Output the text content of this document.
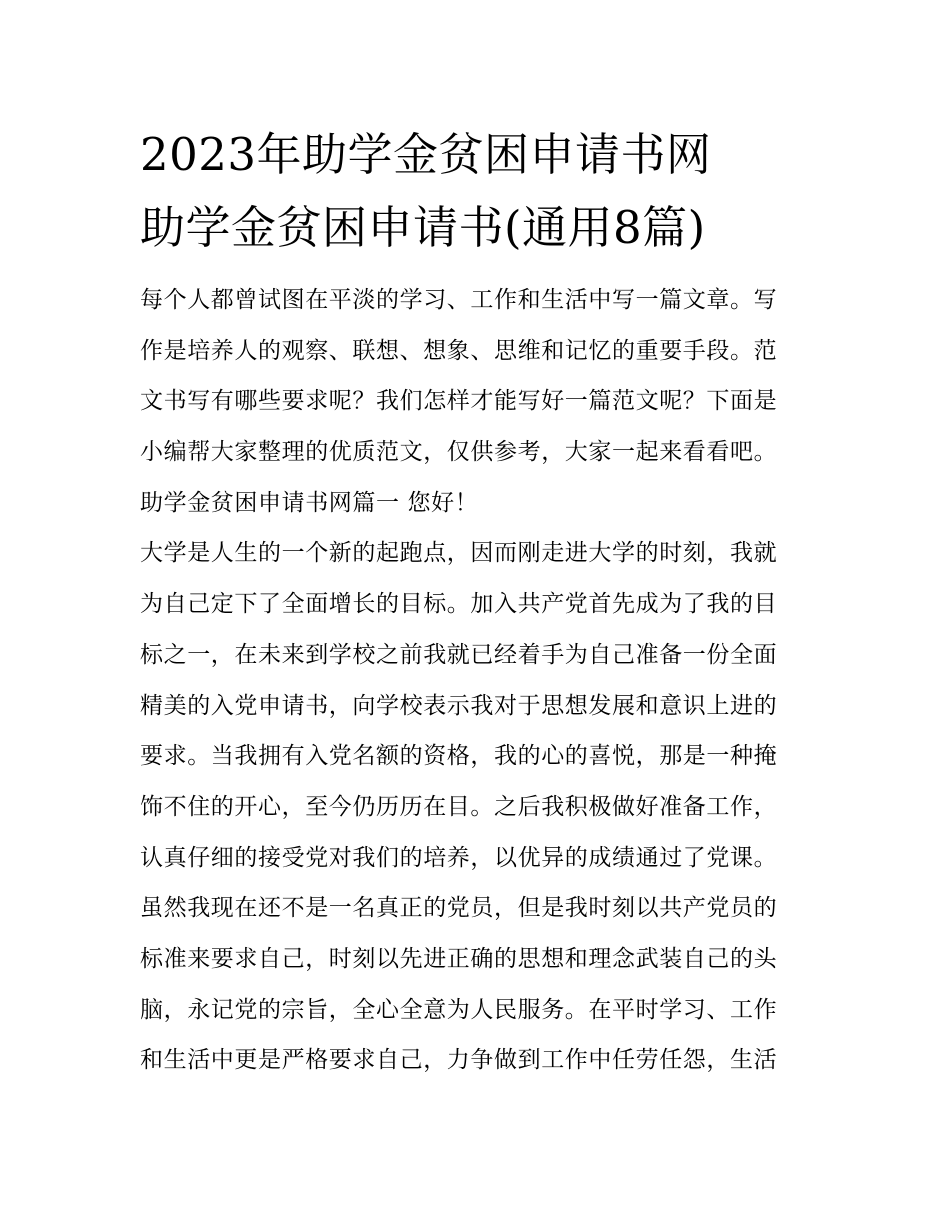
2023年助学金贫困申请书网
助学金贫困申请书(通用8篇)
每个人都曾试图在平淡的学习、工作和生活中写一篇文章。写
作是培养人的观察、联想、想象、思维和记忆的重要手段。范
文书写有哪些要求呢？我们怎样才能写好一篇范文呢？下面是
小编帮大家整理的优质范文，仅供参考，大家一起来看看吧。
助学金贫困申请书网篇一 您好！
大学是人生的一个新的起跑点，因而刚走进大学的时刻，我就
为自己定下了全面增长的目标。加入共产党首先成为了我的目
标之一，在未来到学校之前我就已经着手为自己准备一份全面
精美的入党申请书，向学校表示我对于思想发展和意识上进的
要求。当我拥有入党名额的资格，我的心的喜悦，那是一种掩
饰不住的开心，至今仍历历在目。之后我积极做好准备工作，
认真仔细的接受党对我们的培养，以优异的成绩通过了党课。
虽然我现在还不是一名真正的党员，但是我时刻以共产党员的
标准来要求自己，时刻以先进正确的思想和理念武装自己的头
脑，永记党的宗旨，全心全意为人民服务。在平时学习、工作
和生活中更是严格要求自己，力争做到工作中任劳任怨，生活
